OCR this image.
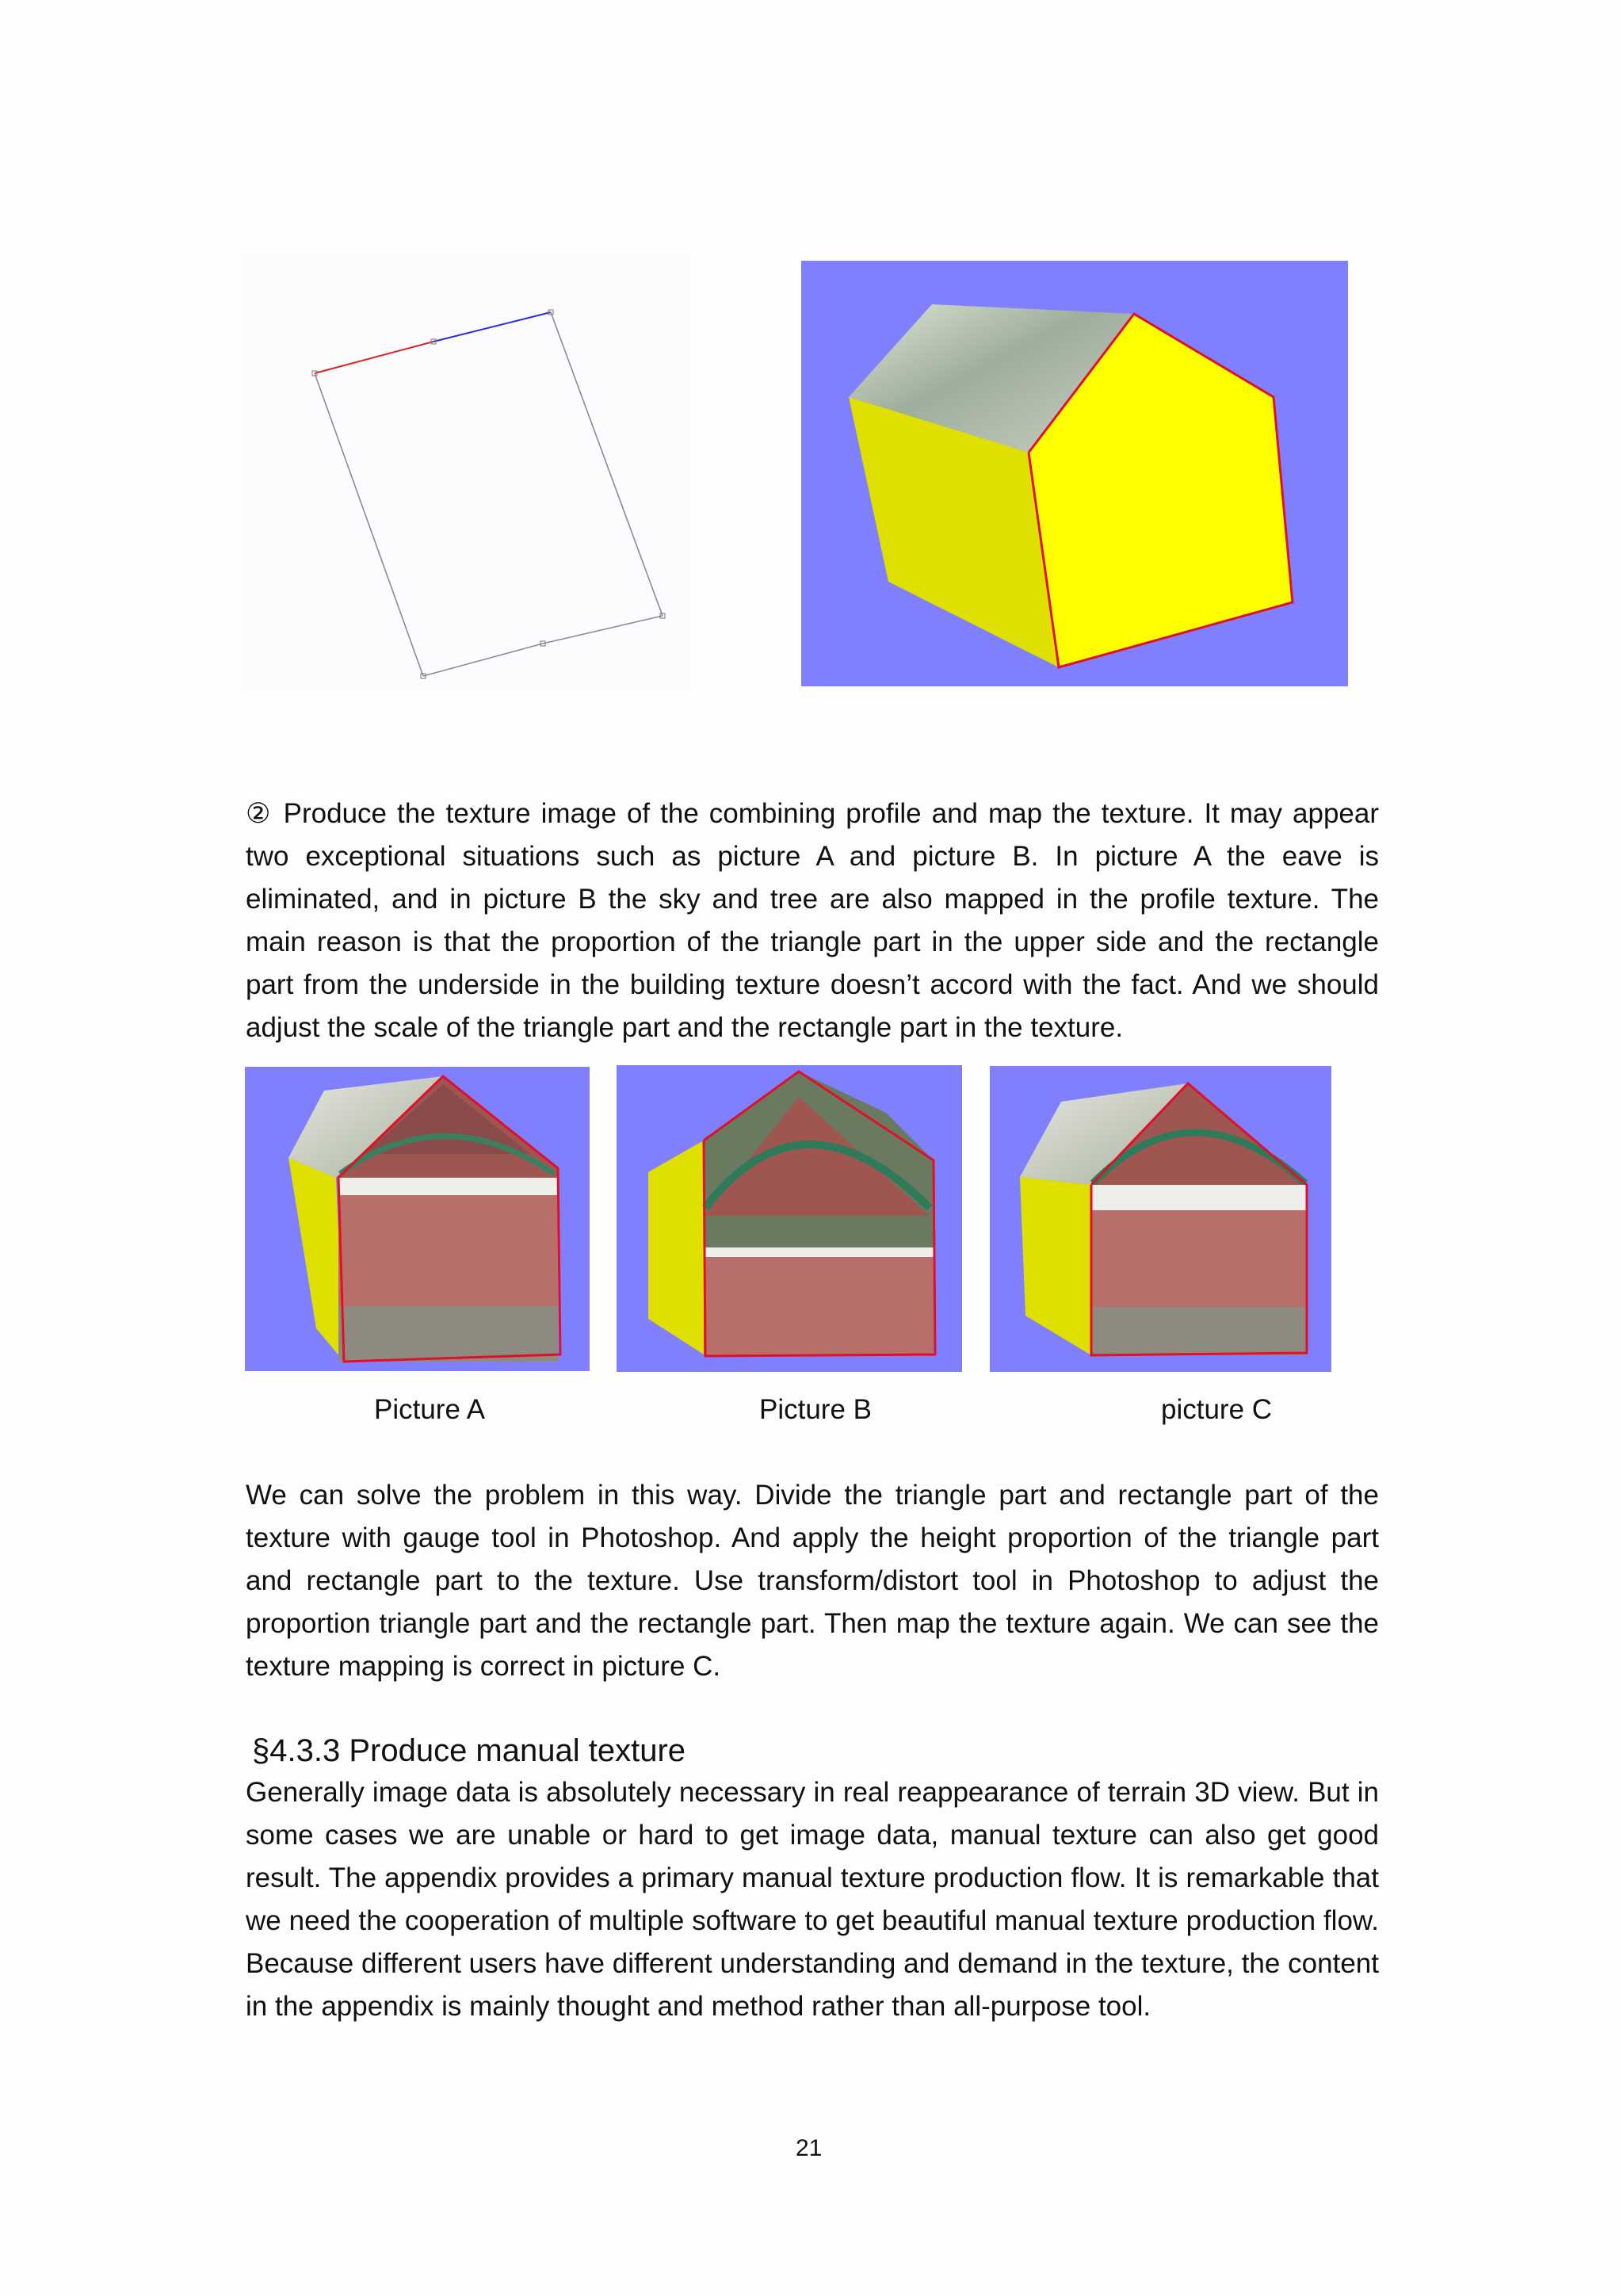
② Produce the texture image of the combining profile and map the texture. It may appear two exceptional situations such as picture A and picture B. In picture A the eave is eliminated, and in picture B the sky and tree are also mapped in the profile texture. The main reason is that the proportion of the triangle part in the upper side and the rectangle part from the underside in the building texture doesn’t accord with the fact. And we should adjust the scale of the triangle part and the rectangle part in the texture.

Picture A	Picture B	picture C

We can solve the problem in this way. Divide the triangle part and rectangle part of the texture with gauge tool in Photoshop. And apply the height proportion of the triangle part and rectangle part to the texture. Use transform/distort tool in Photoshop to adjust the proportion triangle part and the rectangle part. Then map the texture again. We can see the texture mapping is correct in picture C.

§4.3.3 Produce manual texture

Generally image data is absolutely necessary in real reappearance of terrain 3D view. But in some cases we are unable or hard to get image data, manual texture can also get good result. The appendix provides a primary manual texture production flow. It is remarkable that we need the cooperation of multiple software to get beautiful manual texture production flow. Because different users have different understanding and demand in the texture, the content in the appendix is mainly thought and method rather than all-purpose tool.

21
